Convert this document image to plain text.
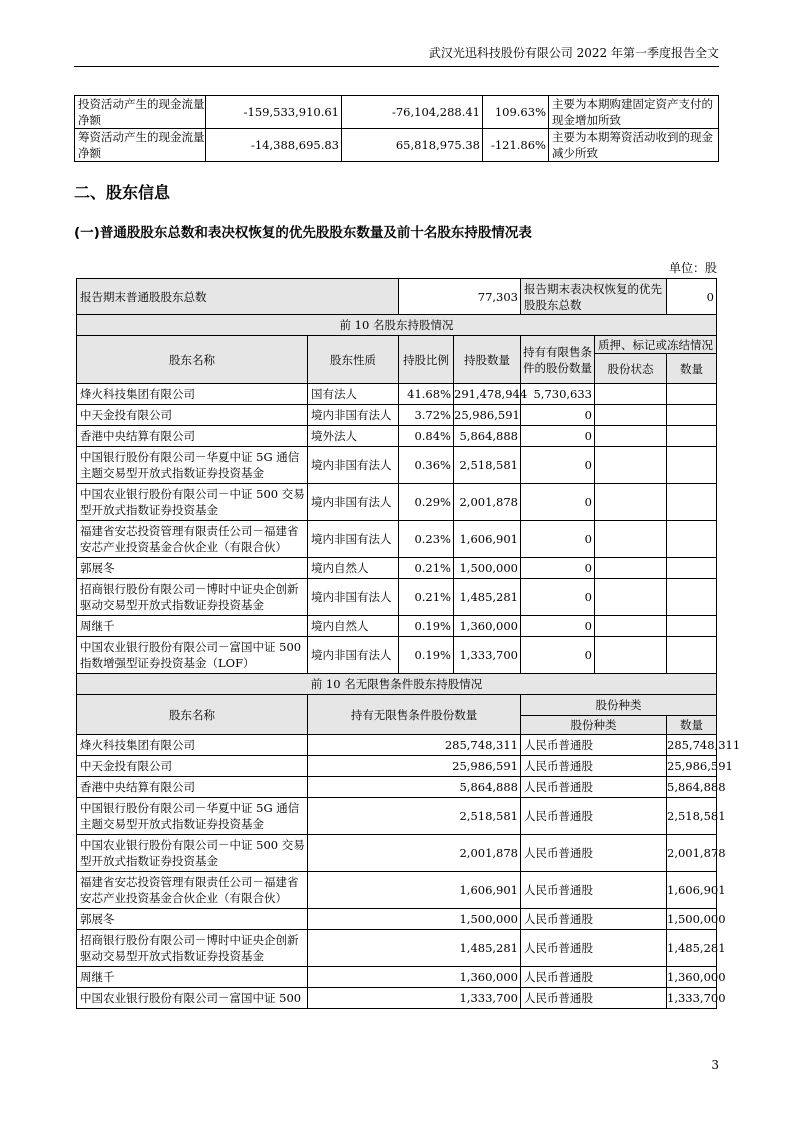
武汉光迅科技股份有限公司 2022 年第一季度报告全文
投资活动产生的现金流量净额	-159,533,910.61	-76,104,288.41	109.63%	主要为本期购建固定资产支付的现金增加所致
筹资活动产生的现金流量净额	-14,388,695.83	65,818,975.38	-121.86%	主要为本期筹资活动收到的现金减少所致
二、股东信息
(一)普通股股东总数和表决权恢复的优先股股东数量及前十名股东持股情况表
单位：股
报告期末普通股股东总数		77,303		报告期末表决权恢复的优先股股东总数		0
前 10 名股东持股情况						
股东名称	股东性质	持股比例	持股数量	持有有限售条件的股份数量	质押、标记或冻结情况	
					股份状态	数量
烽火科技集团有限公司	国有法人	41.68%	291,478,944	5,730,633		
中天金投有限公司	境内非国有法人	3.72%	25,986,591	0		
香港中央结算有限公司	境外法人	0.84%	5,864,888	0		
中国银行股份有限公司－华夏中证 5G 通信主题交易型开放式指数证券投资基金	境内非国有法人	0.36%	2,518,581	0		
中国农业银行股份有限公司－中证 500 交易型开放式指数证券投资基金	境内非国有法人	0.29%	2,001,878	0		
福建省安芯投资管理有限责任公司－福建省安芯产业投资基金合伙企业（有限合伙）	境内非国有法人	0.23%	1,606,901	0		
郭展冬	境内自然人	0.21%	1,500,000	0		
招商银行股份有限公司－博时中证央企创新驱动交易型开放式指数证券投资基金	境内非国有法人	0.21%	1,485,281	0		
周继千	境内自然人	0.19%	1,360,000	0		
中国农业银行股份有限公司－富国中证 500 指数增强型证券投资基金（LOF）	境内非国有法人	0.19%	1,333,700	0		
前 10 名无限售条件股东持股情况						
股东名称	持有无限售条件股份数量			股份种类		
				股份种类		数量
烽火科技集团有限公司	285,748,311			人民币普通股		285,748,311
中天金投有限公司	25,986,591			人民币普通股		25,986,591
香港中央结算有限公司	5,864,888			人民币普通股		5,864,888
中国银行股份有限公司－华夏中证 5G 通信主题交易型开放式指数证券投资基金	2,518,581			人民币普通股		2,518,581
中国农业银行股份有限公司－中证 500 交易型开放式指数证券投资基金	2,001,878			人民币普通股		2,001,878
福建省安芯投资管理有限责任公司－福建省安芯产业投资基金合伙企业（有限合伙）	1,606,901			人民币普通股		1,606,901
郭展冬	1,500,000			人民币普通股		1,500,000
招商银行股份有限公司－博时中证央企创新驱动交易型开放式指数证券投资基金	1,485,281			人民币普通股		1,485,281
周继千	1,360,000			人民币普通股		1,360,000
中国农业银行股份有限公司－富国中证 500	1,333,700			人民币普通股		1,333,700
3
